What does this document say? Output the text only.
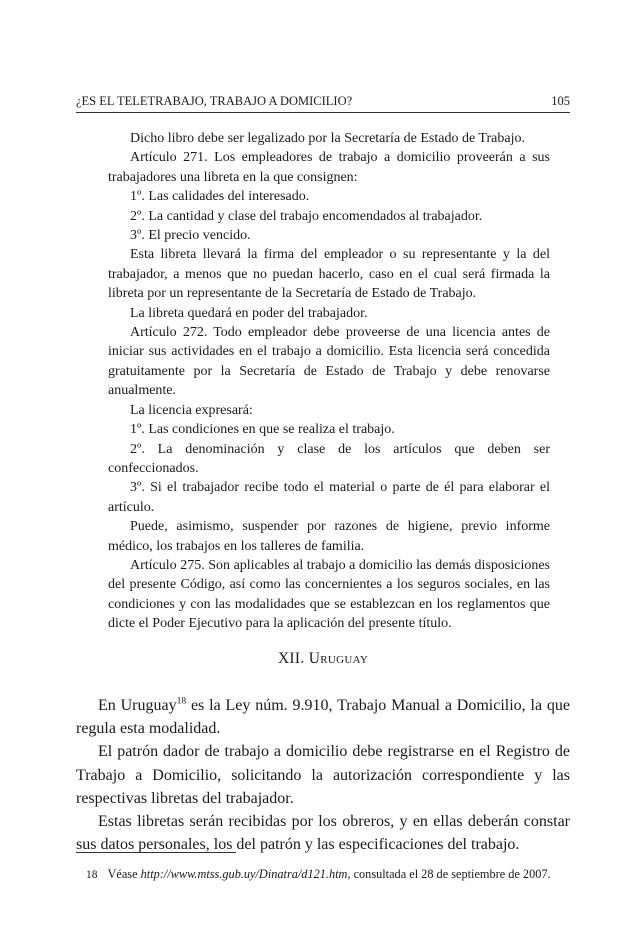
¿ES EL TELETRABAJO, TRABAJO A DOMICILIO?	105

Dicho libro debe ser legalizado por la Secretaría de Estado de Trabajo.

Artículo 271. Los empleadores de trabajo a domicilio proveerán a sus trabajadores una libreta en la que consignen:

1º. Las calidades del interesado.

2º. La cantidad y clase del trabajo encomendados al trabajador.

3º. El precio vencido.

Esta libreta llevará la firma del empleador o su representante y la del trabajador, a menos que no puedan hacerlo, caso en el cual será firmada la libreta por un representante de la Secretaría de Estado de Trabajo.

La libreta quedará en poder del trabajador.

Artículo 272. Todo empleador debe proveerse de una licencia antes de iniciar sus actividades en el trabajo a domicilio. Esta licencia será concedida gratuitamente por la Secretaría de Estado de Trabajo y debe renovarse anualmente.

La licencia expresará:

1º. Las condiciones en que se realiza el trabajo.

2º. La denominación y clase de los artículos que deben ser confeccionados.

3º. Si el trabajador recibe todo el material o parte de él para elaborar el artículo.

Puede, asimismo, suspender por razones de higiene, previo informe médico, los trabajos en los talleres de familia.

Artículo 275. Son aplicables al trabajo a domicilio las demás disposiciones del presente Código, así como las concernientes a los seguros sociales, en las condiciones y con las modalidades que se establezcan en los reglamentos que dicte el Poder Ejecutivo para la aplicación del presente título.

XII. Uruguay

En Uruguay$^{18}$ es la Ley núm. 9.910, Trabajo Manual a Domicilio, la que regula esta modalidad.

El patrón dador de trabajo a domicilio debe registrarse en el Registro de Trabajo a Domicilio, solicitando la autorización correspondiente y las respectivas libretas del trabajador.

Estas libretas serán recibidas por los obreros, y en ellas deberán constar sus datos personales, los del patrón y las especificaciones del trabajo.

18 Véase http://www.mtss.gub.uy/Dinatra/d121.htm, consultada el 28 de septiembre de 2007.
